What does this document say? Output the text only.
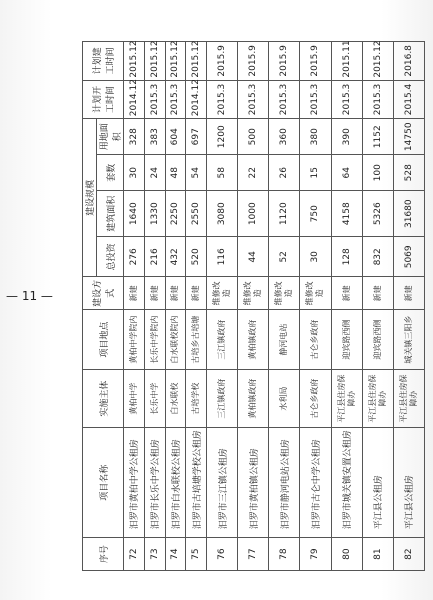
序号	项目名称	实施主体	项目地点	建设方式	建设规模				计划开工时间	计划建工时间
					总投资	建筑面积	套数	用地面积		
72	汨罗市黄柏中学公租房	黄柏中学	黄柏中学院内	新建	276	1640	30	328	2014.12	2015.12
73	汨罗市长乐中学公租房	长乐中学	长乐中学院内	新建	216	1330	24	383	2015.3	2015.12
74	汨罗市白水联校公租房	白水联校	白水联校院内	新建	432	2250	48	604	2015.3	2015.12
75	汨罗市古培塘学校公租房	古培学校	古培乡古培塘	新建	520	2550	54	697	2014.12	2015.12
76	汨罗市三江镇公租房	三江镇政府	三江镇政府	维修改造	116	3080	58	1200	2015.3	2015.9
77	汨罗市黄柏镇公租房	黄柏镇政府	黄柏镇政府	维修改造	44	1000	22	500	2015.3	2015.9
78	汨罗市静河电站公租房	水利局	静河电站	维修改造	52	1120	26	360	2015.3	2015.9
79	汨罗市古仑中学公租房	古仑乡政府	古仑乡政府	维修改造	30	750	15	380	2015.3	2015.9
80	汨罗市城关镇安置公租房	平江县住房保障办	迎宾路西侧	新建	128	4158	64	390	2015.3	2015.11
81	平江县公租房	平江县住房保障办	迎宾路西侧	新建	832	5326	100	1152	2015.3	2015.12
82	平江县公租房	平江县住房保障办	城关镇三阳乡	新建	5069	31680	528	14750	2015.4	2016.8
— 11 —
